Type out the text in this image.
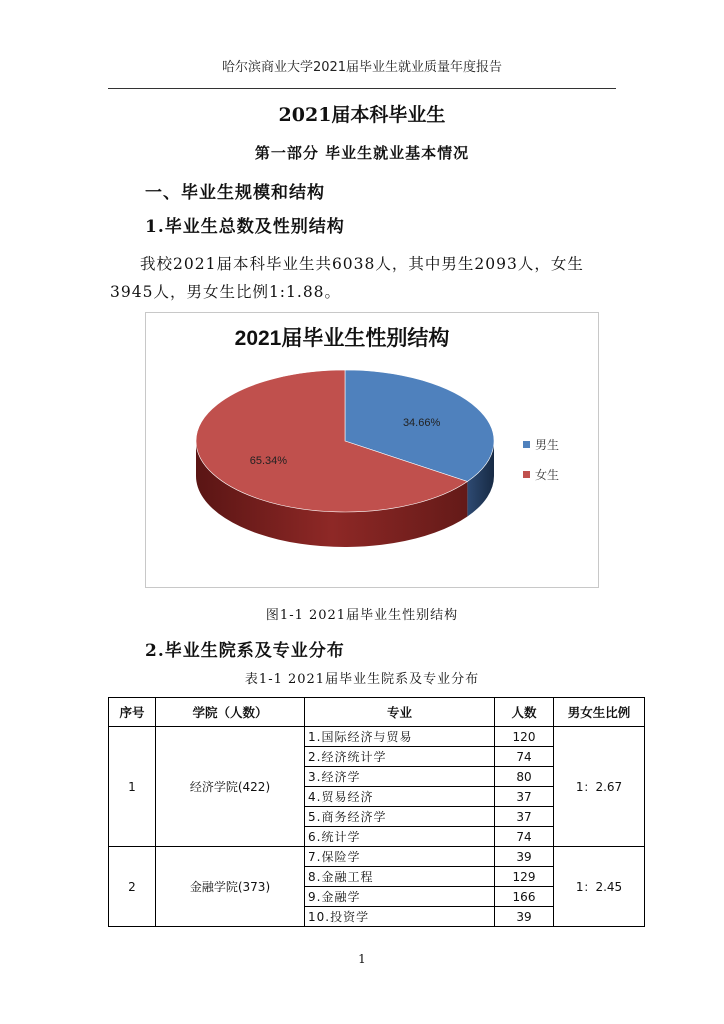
哈尔滨商业大学2021届毕业生就业质量年度报告
2021届本科毕业生
第一部分 毕业生就业基本情况
一、毕业生规模和结构
1.毕业生总数及性别结构
我校2021届本科毕业生共6038人，其中男生2093人，女生3945人，男女生比例1:1.88。
2021届毕业生性别结构
34.66%
65.34%
男生
女生
图1-1 2021届毕业生性别结构
2.毕业生院系及专业分布
表1-1 2021届毕业生院系及专业分布
序号	学院（人数）	专业	人数	男女生比例
1	经济学院(422)	1.国际经济与贸易	120	1：2.67
		2.经济统计学	74	
		3.经济学	80	
		4.贸易经济	37	
		5.商务经济学	37	
		6.统计学	74	
2	金融学院(373)	7.保险学	39	1：2.45
		8.金融工程	129	
		9.金融学	166	
		10.投资学	39	
1
